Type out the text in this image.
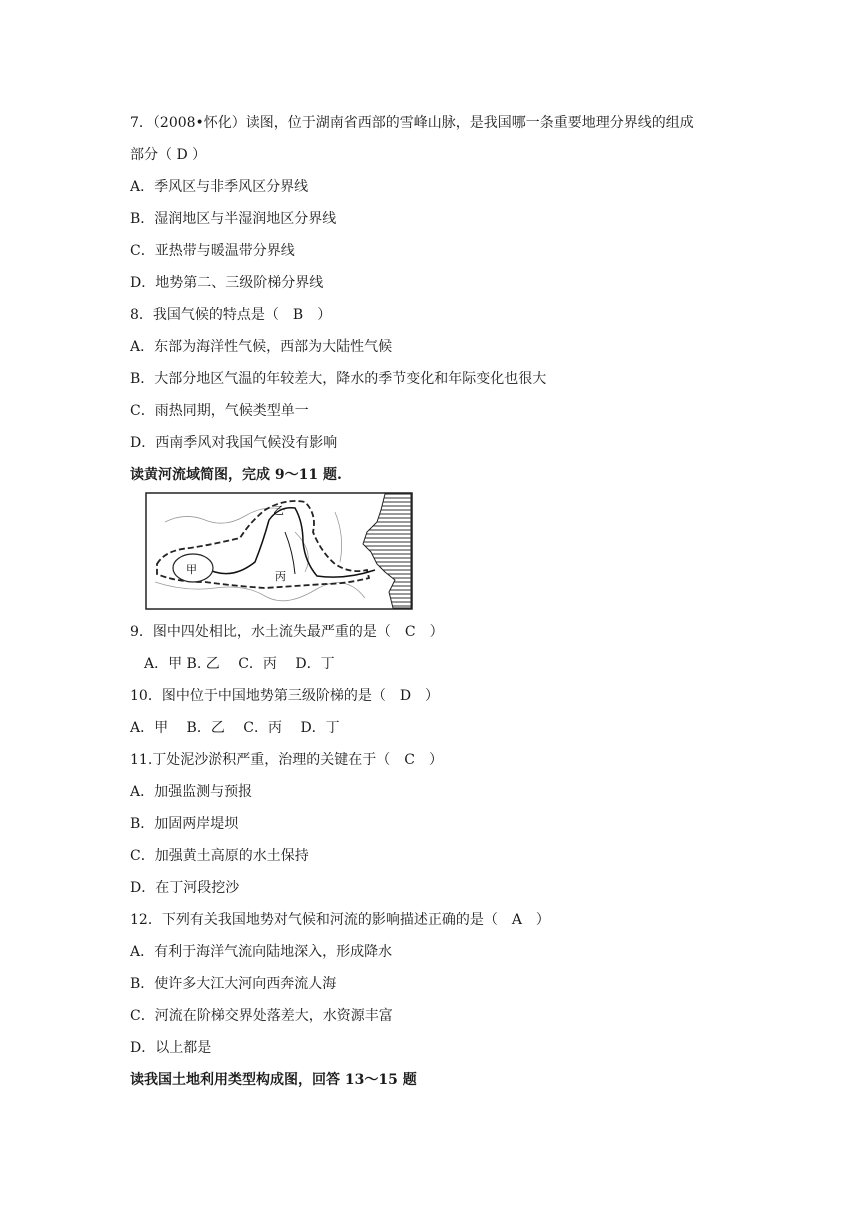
7．（2008•怀化）读图，位于湖南省西部的雪峰山脉，是我国哪一条重要地理分界线的组成
部分（ D ）
A．季风区与非季风区分界线
B．湿润地区与半湿润地区分界线
C．亚热带与暖温带分界线
D．地势第二、三级阶梯分界线
8．我国气候的特点是（　B　）
A．东部为海洋性气候，西部为大陆性气候
B．大部分地区气温的年较差大，降水的季节变化和年际变化也很大
C．雨热同期，气候类型单一
D．西南季风对我国气候没有影响
读黄河流域简图，完成 9～11 题.
甲
乙
丙
9．图中四处相比，水土流失最严重的是（　C　）
　A．甲 B. 乙　 C．丙　 D．丁
10．图中位于中国地势第三级阶梯的是（　D　）
A．甲　 B．乙　 C．丙　 D．丁
11.丁处泥沙淤积严重，治理的关键在于（　C　）
A．加强监测与预报
B．加固两岸堤坝
C．加强黄土高原的水土保持
D．在丁河段挖沙
12．下列有关我国地势对气候和河流的影响描述正确的是（　A　）
A．有利于海洋气流向陆地深入，形成降水
B．使许多大江大河向西奔流人海
C．河流在阶梯交界处落差大，水资源丰富
D．以上都是
读我国土地利用类型构成图，回答 13～15 题
